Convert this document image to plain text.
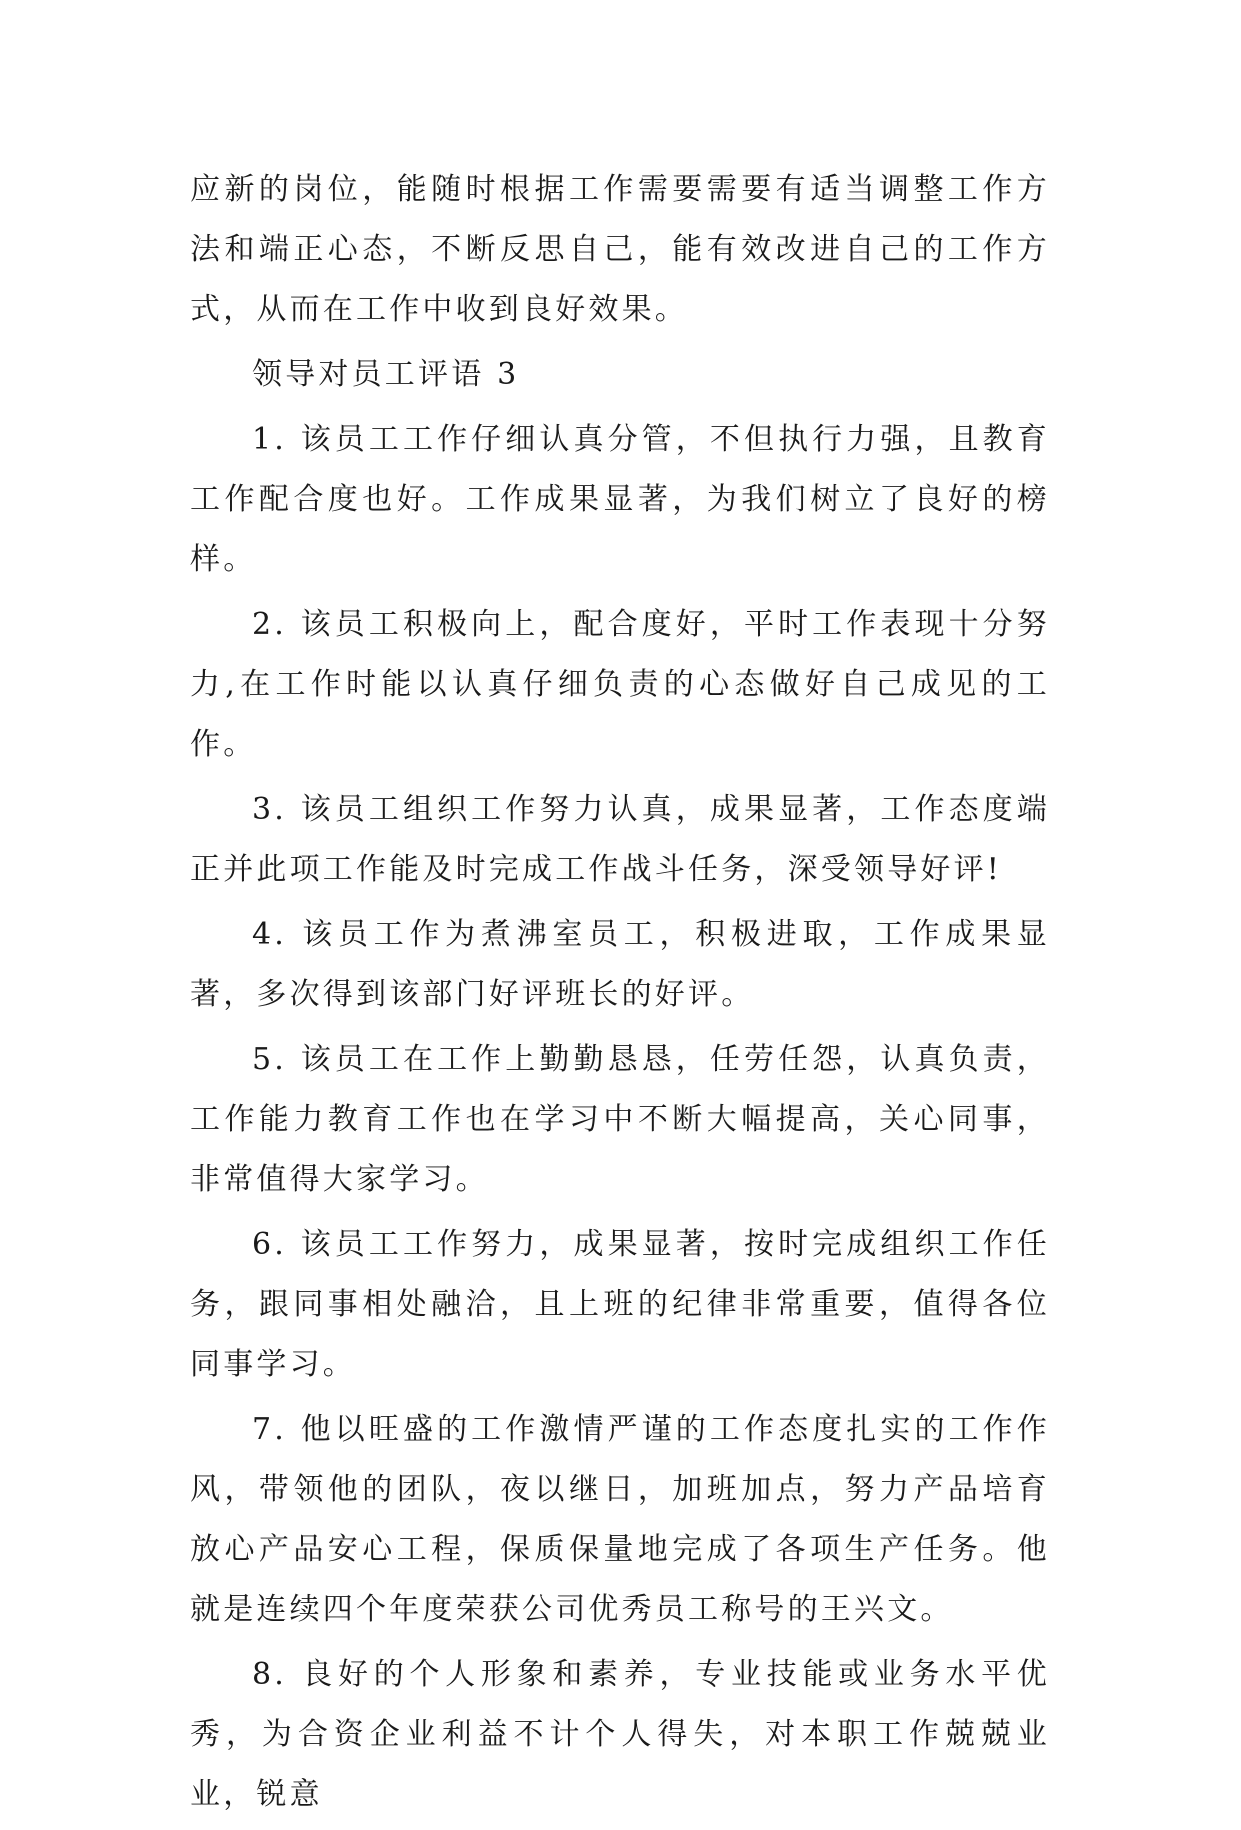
应新的岗位，能随时根据工作需要需要有适当调整工作方法和端正心态，不断反思自己，能有效改进自己的工作方式，从而在工作中收到良好效果。

领导对员工评语 3

1. 该员工工作仔细认真分管，不但执行力强，且教育工作配合度也好。工作成果显著，为我们树立了良好的榜样。

2. 该员工积极向上，配合度好，平时工作表现十分努力,在工作时能以认真仔细负责的心态做好自己成见的工作。

3. 该员工组织工作努力认真，成果显著，工作态度端正并此项工作能及时完成工作战斗任务，深受领导好评!

4. 该员工作为煮沸室员工，积极进取，工作成果显著，多次得到该部门好评班长的好评。

5. 该员工在工作上勤勤恳恳，任劳任怨，认真负责，工作能力教育工作也在学习中不断大幅提高，关心同事，非常值得大家学习。

6. 该员工工作努力，成果显著，按时完成组织工作任务，跟同事相处融洽，且上班的纪律非常重要，值得各位同事学习。

7. 他以旺盛的工作激情严谨的工作态度扎实的工作作风，带领他的团队，夜以继日，加班加点，努力产品培育放心产品安心工程，保质保量地完成了各项生产任务。他就是连续四个年度荣获公司优秀员工称号的王兴文。

8. 良好的个人形象和素养，专业技能或业务水平优秀，为合资企业利益不计个人得失，对本职工作兢兢业业，锐意
